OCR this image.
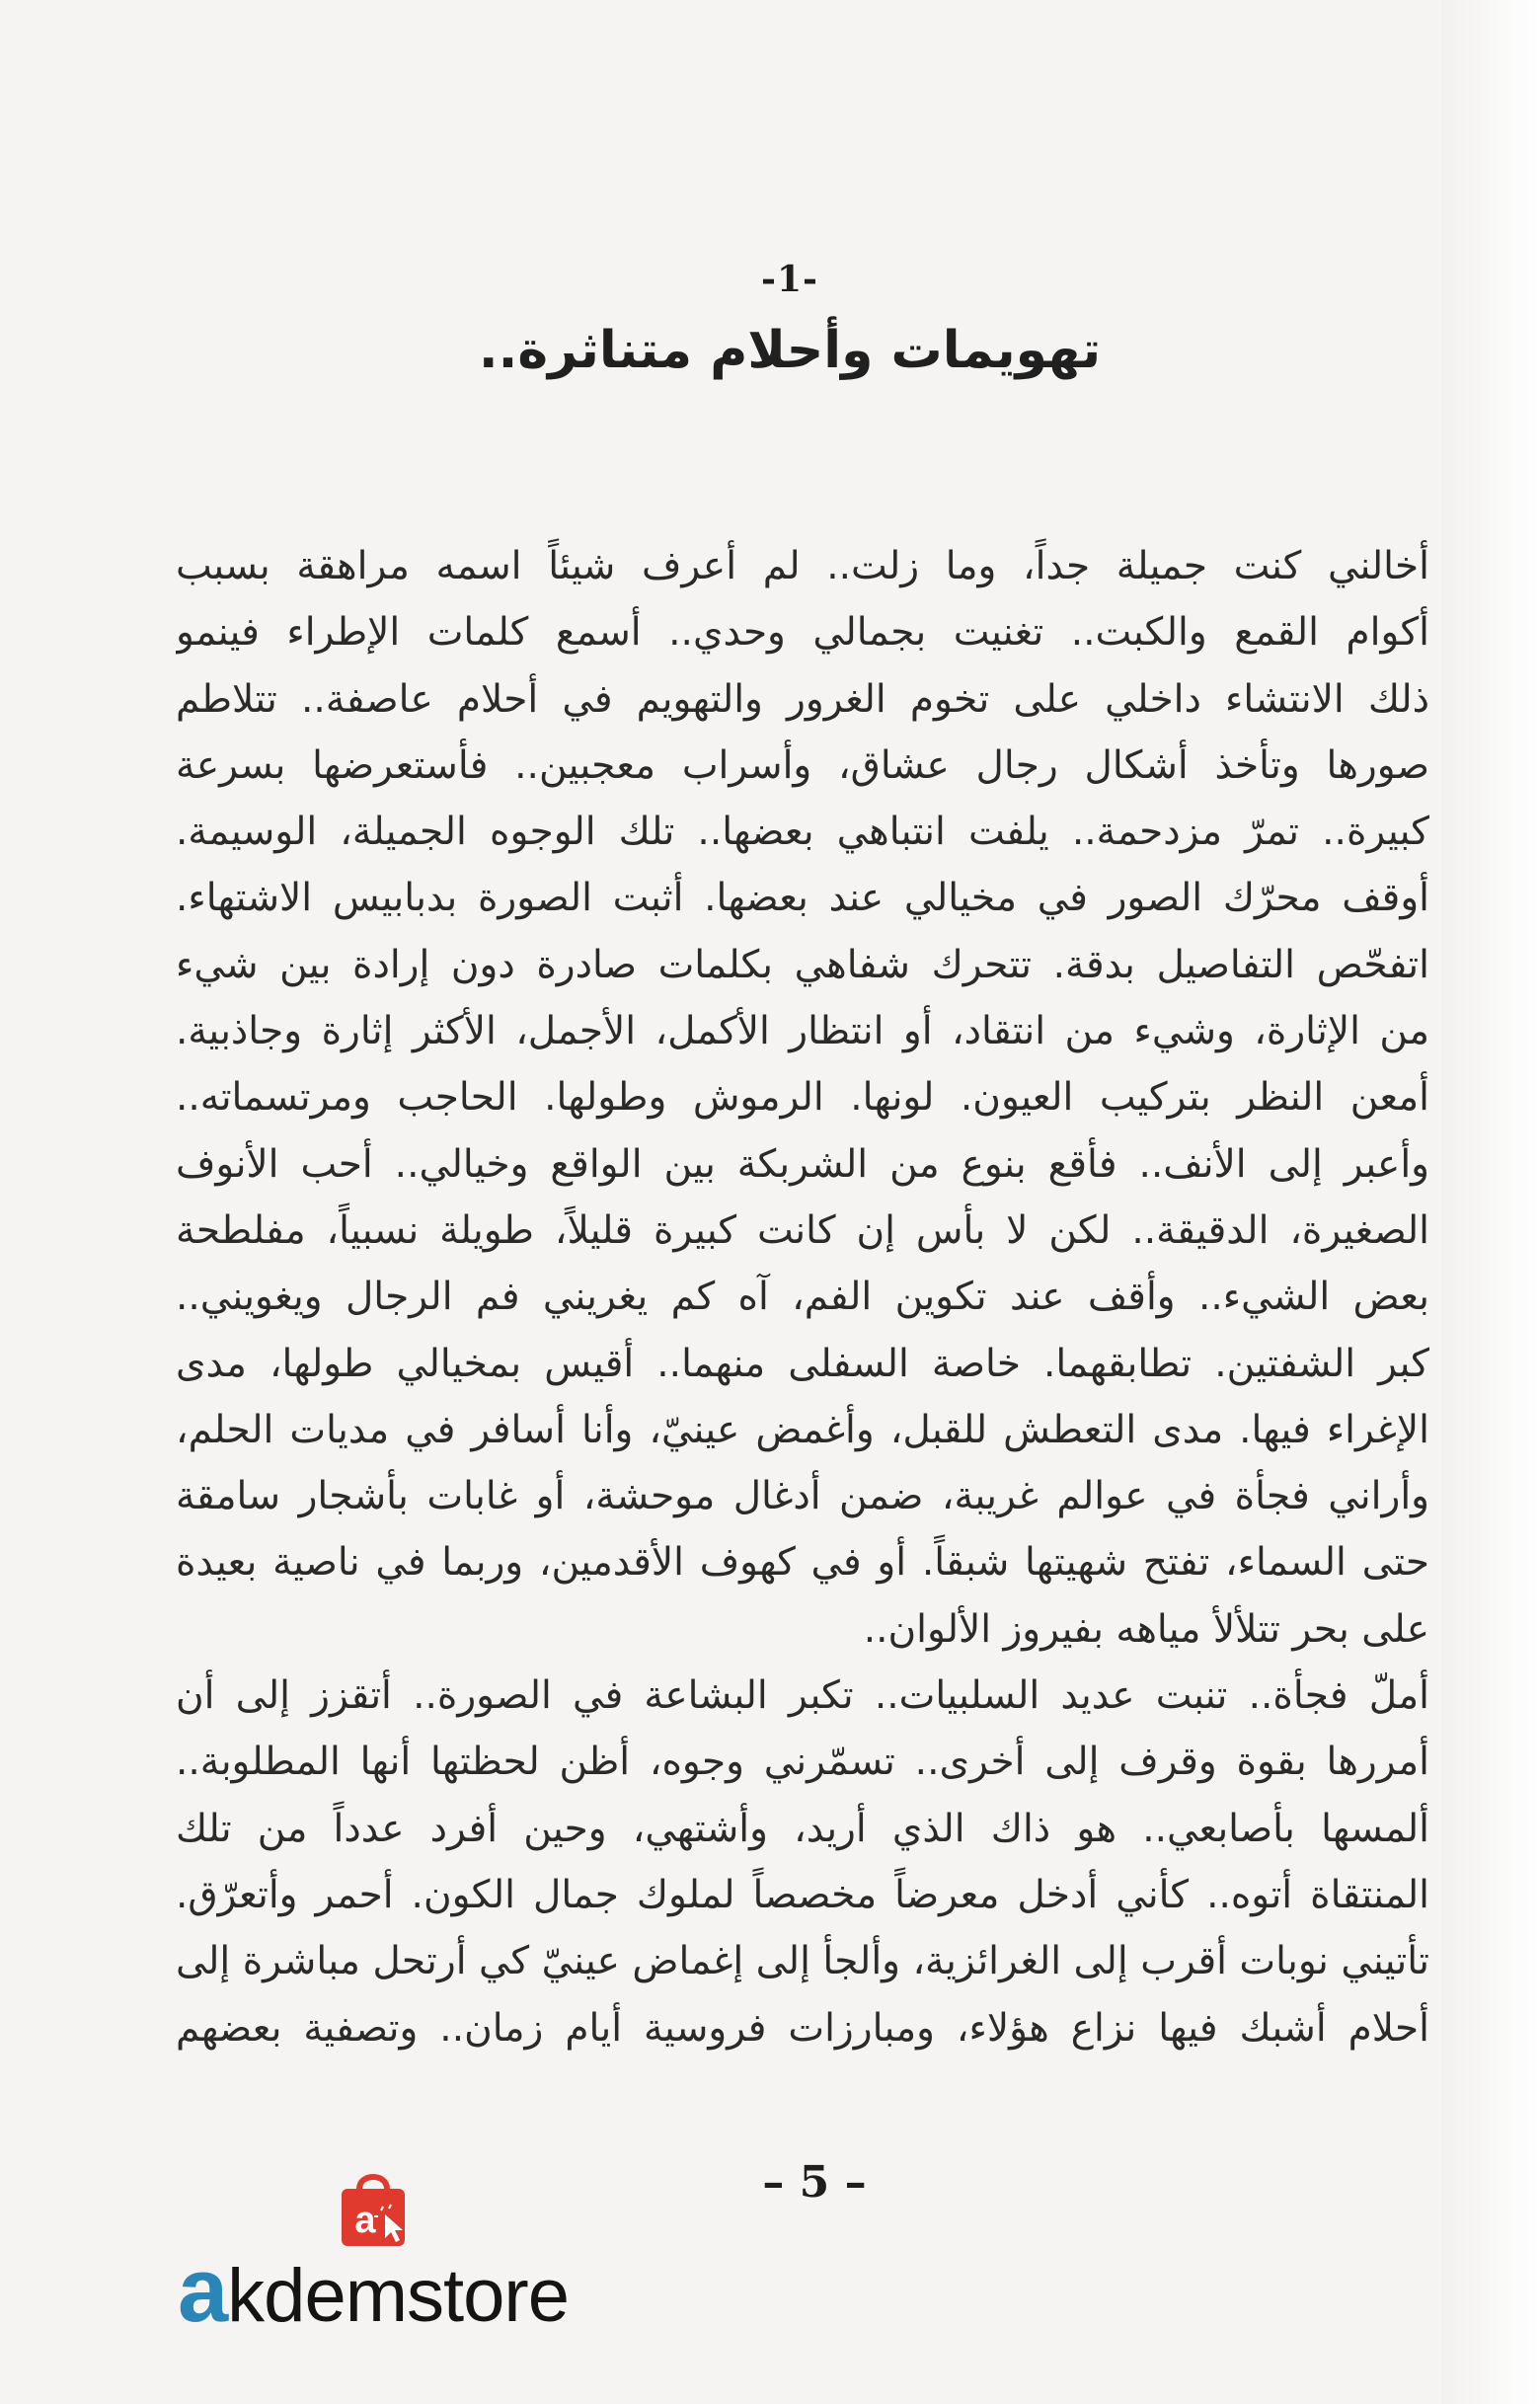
-1-
تهويمات وأحلام متناثرة..
أخالني كنت جميلة جداً، وما زلت.. لم أعرف شيئاً اسمه مراهقة بسبب
أكوام القمع والكبت.. تغنيت بجمالي وحدي.. أسمع كلمات الإطراء فينمو
ذلك الانتشاء داخلي على تخوم الغرور والتهويم في أحلام عاصفة.. تتلاطم
صورها وتأخذ أشكال رجال عشاق، وأسراب معجبين.. فأستعرضها بسرعة
كبيرة.. تمرّ مزدحمة.. يلفت انتباهي بعضها.. تلك الوجوه الجميلة، الوسيمة.
أوقف محرّك الصور في مخيالي عند بعضها. أثبت الصورة بدبابيس الاشتهاء.
اتفحّص التفاصيل بدقة. تتحرك شفاهي بكلمات صادرة دون إرادة بين شيء
من الإثارة، وشيء من انتقاد، أو انتظار الأكمل، الأجمل، الأكثر إثارة وجاذبية.
أمعن النظر بتركيب العيون. لونها. الرموش وطولها. الحاجب ومرتسماته..
وأعبر إلى الأنف.. فأقع بنوع من الشربكة بين الواقع وخيالي.. أحب الأنوف
الصغيرة، الدقيقة.. لكن لا بأس إن كانت كبيرة قليلاً، طويلة نسبياً، مفلطحة
بعض الشيء.. وأقف عند تكوين الفم، آه كم يغريني فم الرجال ويغويني..
كبر الشفتين. تطابقهما. خاصة السفلى منهما.. أقيس بمخيالي طولها، مدى
الإغراء فيها. مدى التعطش للقبل، وأغمض عينيّ، وأنا أسافر في مديات الحلم،
وأراني فجأة في عوالم غريبة، ضمن أدغال موحشة، أو غابات بأشجار سامقة
حتى السماء، تفتح شهيتها شبقاً. أو في كهوف الأقدمين، وربما في ناصية بعيدة
على بحر تتلألأ مياهه بفيروز الألوان..
أملّ فجأة.. تنبت عديد السلبيات.. تكبر البشاعة في الصورة.. أتقزز إلى أن
أمررها بقوة وقرف إلى أخرى.. تسمّرني وجوه، أظن لحظتها أنها المطلوبة..
ألمسها بأصابعي.. هو ذاك الذي أريد، وأشتهي، وحين أفرد عدداً من تلك
المنتقاة أتوه.. كأني أدخل معرضاً مخصصاً لملوك جمال الكون. أحمر وأتعرّق.
تأتيني نوبات أقرب إلى الغرائزية، وألجأ إلى إغماض عينيّ كي أرتحل مباشرة إلى
أحلام أشبك فيها نزاع هؤلاء، ومبارزات فروسية أيام زمان.. وتصفية بعضهم
– 5 –
a
akdemstore
